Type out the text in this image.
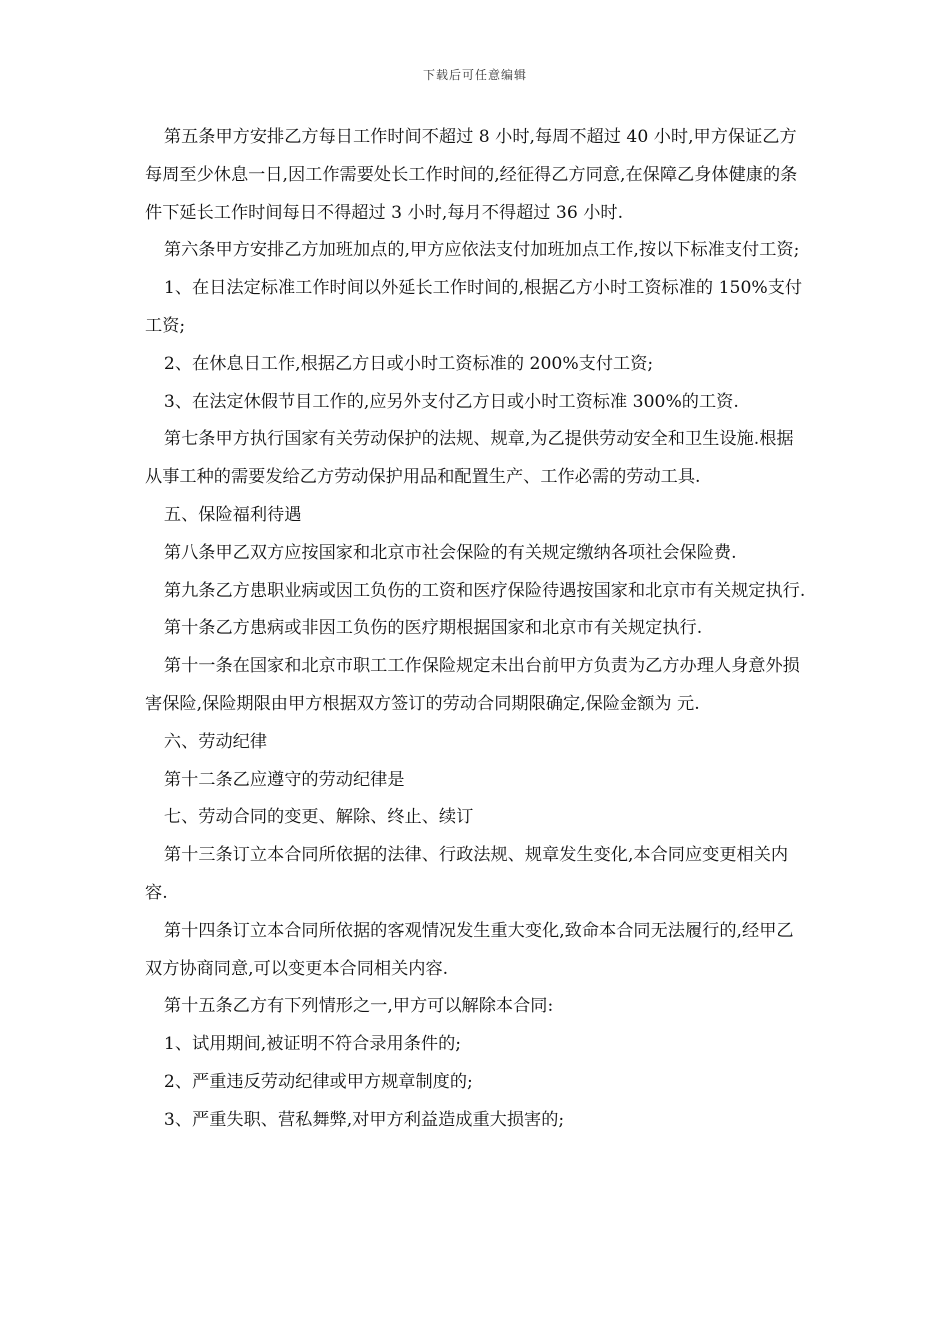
下载后可任意编辑

第五条甲方安排乙方每日工作时间不超过 8 小时,每周不超过 40 小时,甲方保证乙方每周至少休息一日,因工作需要处长工作时间的,经征得乙方同意,在保障乙身体健康的条件下延长工作时间每日不得超过 3 小时,每月不得超过 36 小时.

第六条甲方安排乙方加班加点的,甲方应依法支付加班加点工作,按以下标准支付工资;

1、在日法定标准工作时间以外延长工作时间的,根据乙方小时工资标准的 150%支付工资;

2、在休息日工作,根据乙方日或小时工资标准的 200%支付工资;

3、在法定休假节目工作的,应另外支付乙方日或小时工资标准 300%的工资.

第七条甲方执行国家有关劳动保护的法规、规章,为乙提供劳动安全和卫生设施.根据从事工种的需要发给乙方劳动保护用品和配置生产、工作必需的劳动工具.

五、保险福利待遇

第八条甲乙双方应按国家和北京市社会保险的有关规定缴纳各项社会保险费.

第九条乙方患职业病或因工负伤的工资和医疗保险待遇按国家和北京市有关规定执行.

第十条乙方患病或非因工负伤的医疗期根据国家和北京市有关规定执行.

第十一条在国家和北京市职工工作保险规定未出台前甲方负责为乙方办理人身意外损害保险,保险期限由甲方根据双方签订的劳动合同期限确定,保险金额为 元.

六、劳动纪律

第十二条乙应遵守的劳动纪律是

七、劳动合同的变更、解除、终止、续订

第十三条订立本合同所依据的法律、行政法规、规章发生变化,本合同应变更相关内容.

第十四条订立本合同所依据的客观情况发生重大变化,致命本合同无法履行的,经甲乙双方协商同意,可以变更本合同相关内容.

第十五条乙方有下列情形之一,甲方可以解除本合同:

1、试用期间,被证明不符合录用条件的;

2、严重违反劳动纪律或甲方规章制度的;

3、严重失职、营私舞弊,对甲方利益造成重大损害的;
